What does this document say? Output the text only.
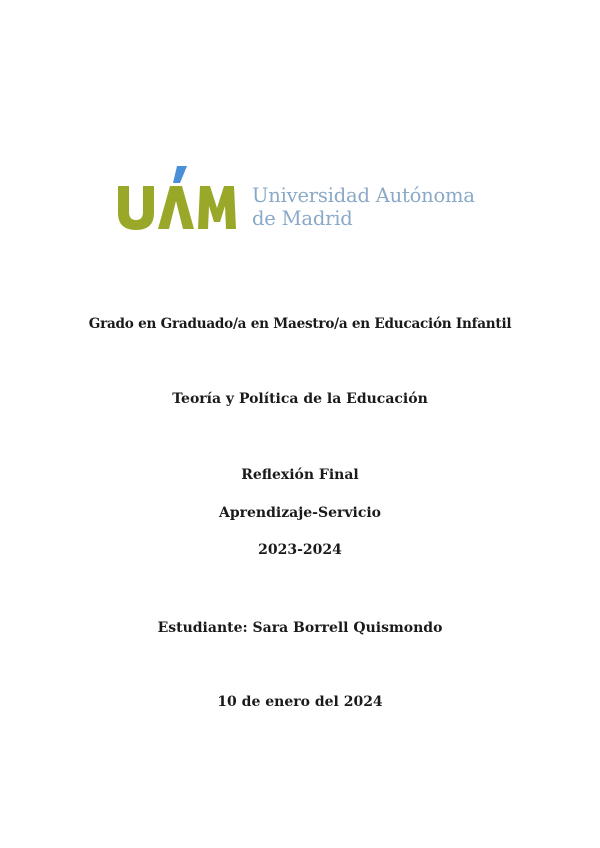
Universidad Autónoma
de Madrid
Grado en Graduado/a en Maestro/a en Educación Infantil
Teoría y Política de la Educación
Reflexión Final
Aprendizaje-Servicio
2023-2024
Estudiante: Sara Borrell Quismondo
10 de enero del 2024
